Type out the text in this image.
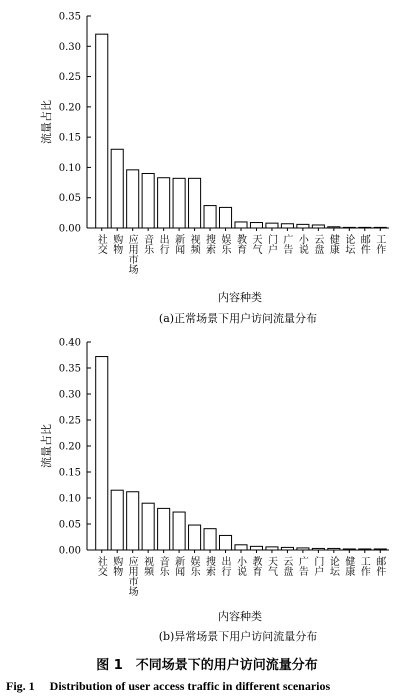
0.00
0.05
0.10
0.15
0.20
0.25
0.30
0.35
社交
购物
应用市场
音乐
出行
新闻
视频
搜索
娱乐
教育
天气
门户
广告
小说
云盘
健康
论坛
邮件
工作
流量占比
内容种类
(a)正常场景下用户访问流量分布
0.00
0.05
0.10
0.15
0.20
0.25
0.30
0.35
0.40
社交
购物
应用市场
视频
音乐
新闻
娱乐
搜索
出行
小说
教育
天气
云盘
广告
门户
论坛
健康
工作
邮件
流量占比
内容种类
(b)异常场景下用户访问流量分布
图 1　不同场景下的用户访问流量分布
Fig. 1　 Distribution of user access traffic in different scenarios
